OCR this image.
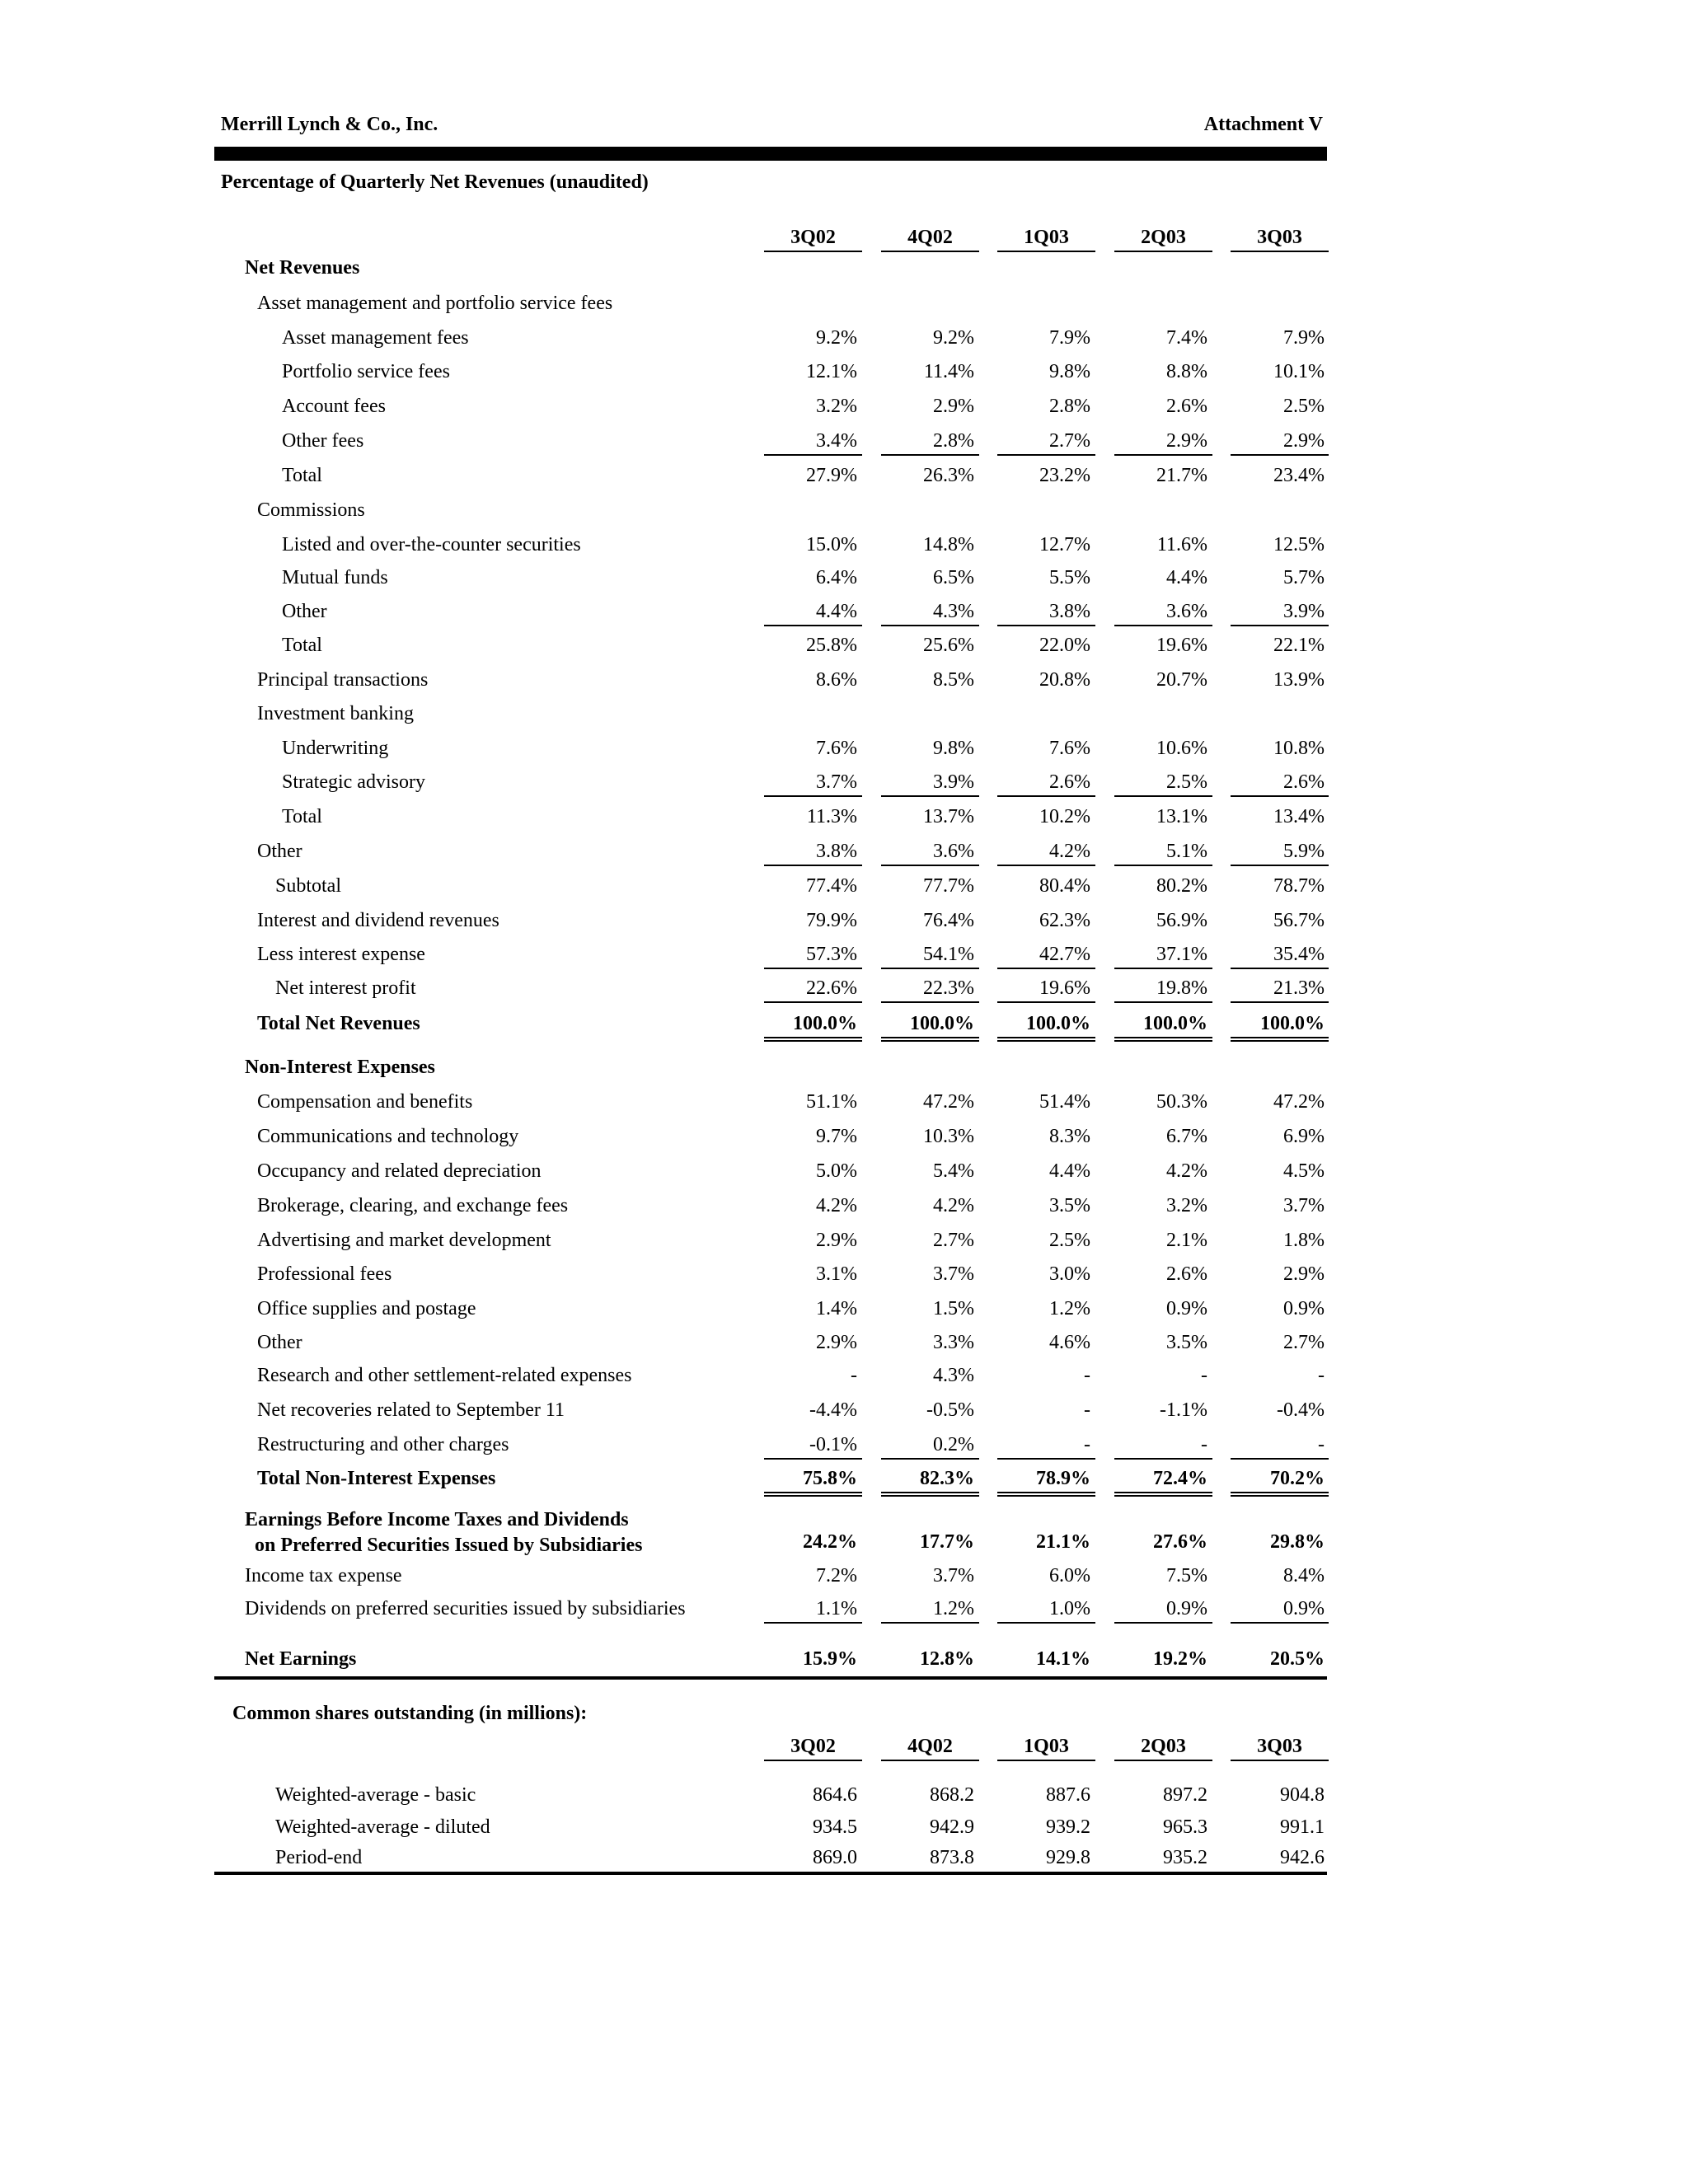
Merrill Lynch & Co., Inc.	Attachment V
Percentage of Quarterly Net Revenues (unaudited)
3Q02	4Q02	1Q03	2Q03	3Q03
Net Revenues
Asset management and portfolio service fees
Asset management fees	9.2%	9.2%	7.9%	7.4%	7.9%
Portfolio service fees	12.1%	11.4%	9.8%	8.8%	10.1%
Account fees	3.2%	2.9%	2.8%	2.6%	2.5%
Other fees	3.4%	2.8%	2.7%	2.9%	2.9%
Total	27.9%	26.3%	23.2%	21.7%	23.4%
Commissions
Listed and over-the-counter securities	15.0%	14.8%	12.7%	11.6%	12.5%
Mutual funds	6.4%	6.5%	5.5%	4.4%	5.7%
Other	4.4%	4.3%	3.8%	3.6%	3.9%
Total	25.8%	25.6%	22.0%	19.6%	22.1%
Principal transactions	8.6%	8.5%	20.8%	20.7%	13.9%
Investment banking
Underwriting	7.6%	9.8%	7.6%	10.6%	10.8%
Strategic advisory	3.7%	3.9%	2.6%	2.5%	2.6%
Total	11.3%	13.7%	10.2%	13.1%	13.4%
Other	3.8%	3.6%	4.2%	5.1%	5.9%
Subtotal	77.4%	77.7%	80.4%	80.2%	78.7%
Interest and dividend revenues	79.9%	76.4%	62.3%	56.9%	56.7%
Less interest expense	57.3%	54.1%	42.7%	37.1%	35.4%
Net interest profit	22.6%	22.3%	19.6%	19.8%	21.3%
Total Net Revenues	100.0%	100.0%	100.0%	100.0%	100.0%
Non-Interest Expenses
Compensation and benefits	51.1%	47.2%	51.4%	50.3%	47.2%
Communications and technology	9.7%	10.3%	8.3%	6.7%	6.9%
Occupancy and related depreciation	5.0%	5.4%	4.4%	4.2%	4.5%
Brokerage, clearing, and exchange fees	4.2%	4.2%	3.5%	3.2%	3.7%
Advertising and market development	2.9%	2.7%	2.5%	2.1%	1.8%
Professional fees	3.1%	3.7%	3.0%	2.6%	2.9%
Office supplies and postage	1.4%	1.5%	1.2%	0.9%	0.9%
Other	2.9%	3.3%	4.6%	3.5%	2.7%
Research and other settlement-related expenses	-	4.3%	-	-	-
Net recoveries related to September 11	-4.4%	-0.5%	-	-1.1%	-0.4%
Restructuring and other charges	-0.1%	0.2%	-	-	-
Total Non-Interest Expenses	75.8%	82.3%	78.9%	72.4%	70.2%
Earnings Before Income Taxes and Dividends
on Preferred Securities Issued by Subsidiaries	24.2%	17.7%	21.1%	27.6%	29.8%
Income tax expense	7.2%	3.7%	6.0%	7.5%	8.4%
Dividends on preferred securities issued by subsidiaries	1.1%	1.2%	1.0%	0.9%	0.9%
Net Earnings	15.9%	12.8%	14.1%	19.2%	20.5%
Common shares outstanding (in millions):
3Q02	4Q02	1Q03	2Q03	3Q03
Weighted-average - basic	864.6	868.2	887.6	897.2	904.8
Weighted-average - diluted	934.5	942.9	939.2	965.3	991.1
Period-end	869.0	873.8	929.8	935.2	942.6
